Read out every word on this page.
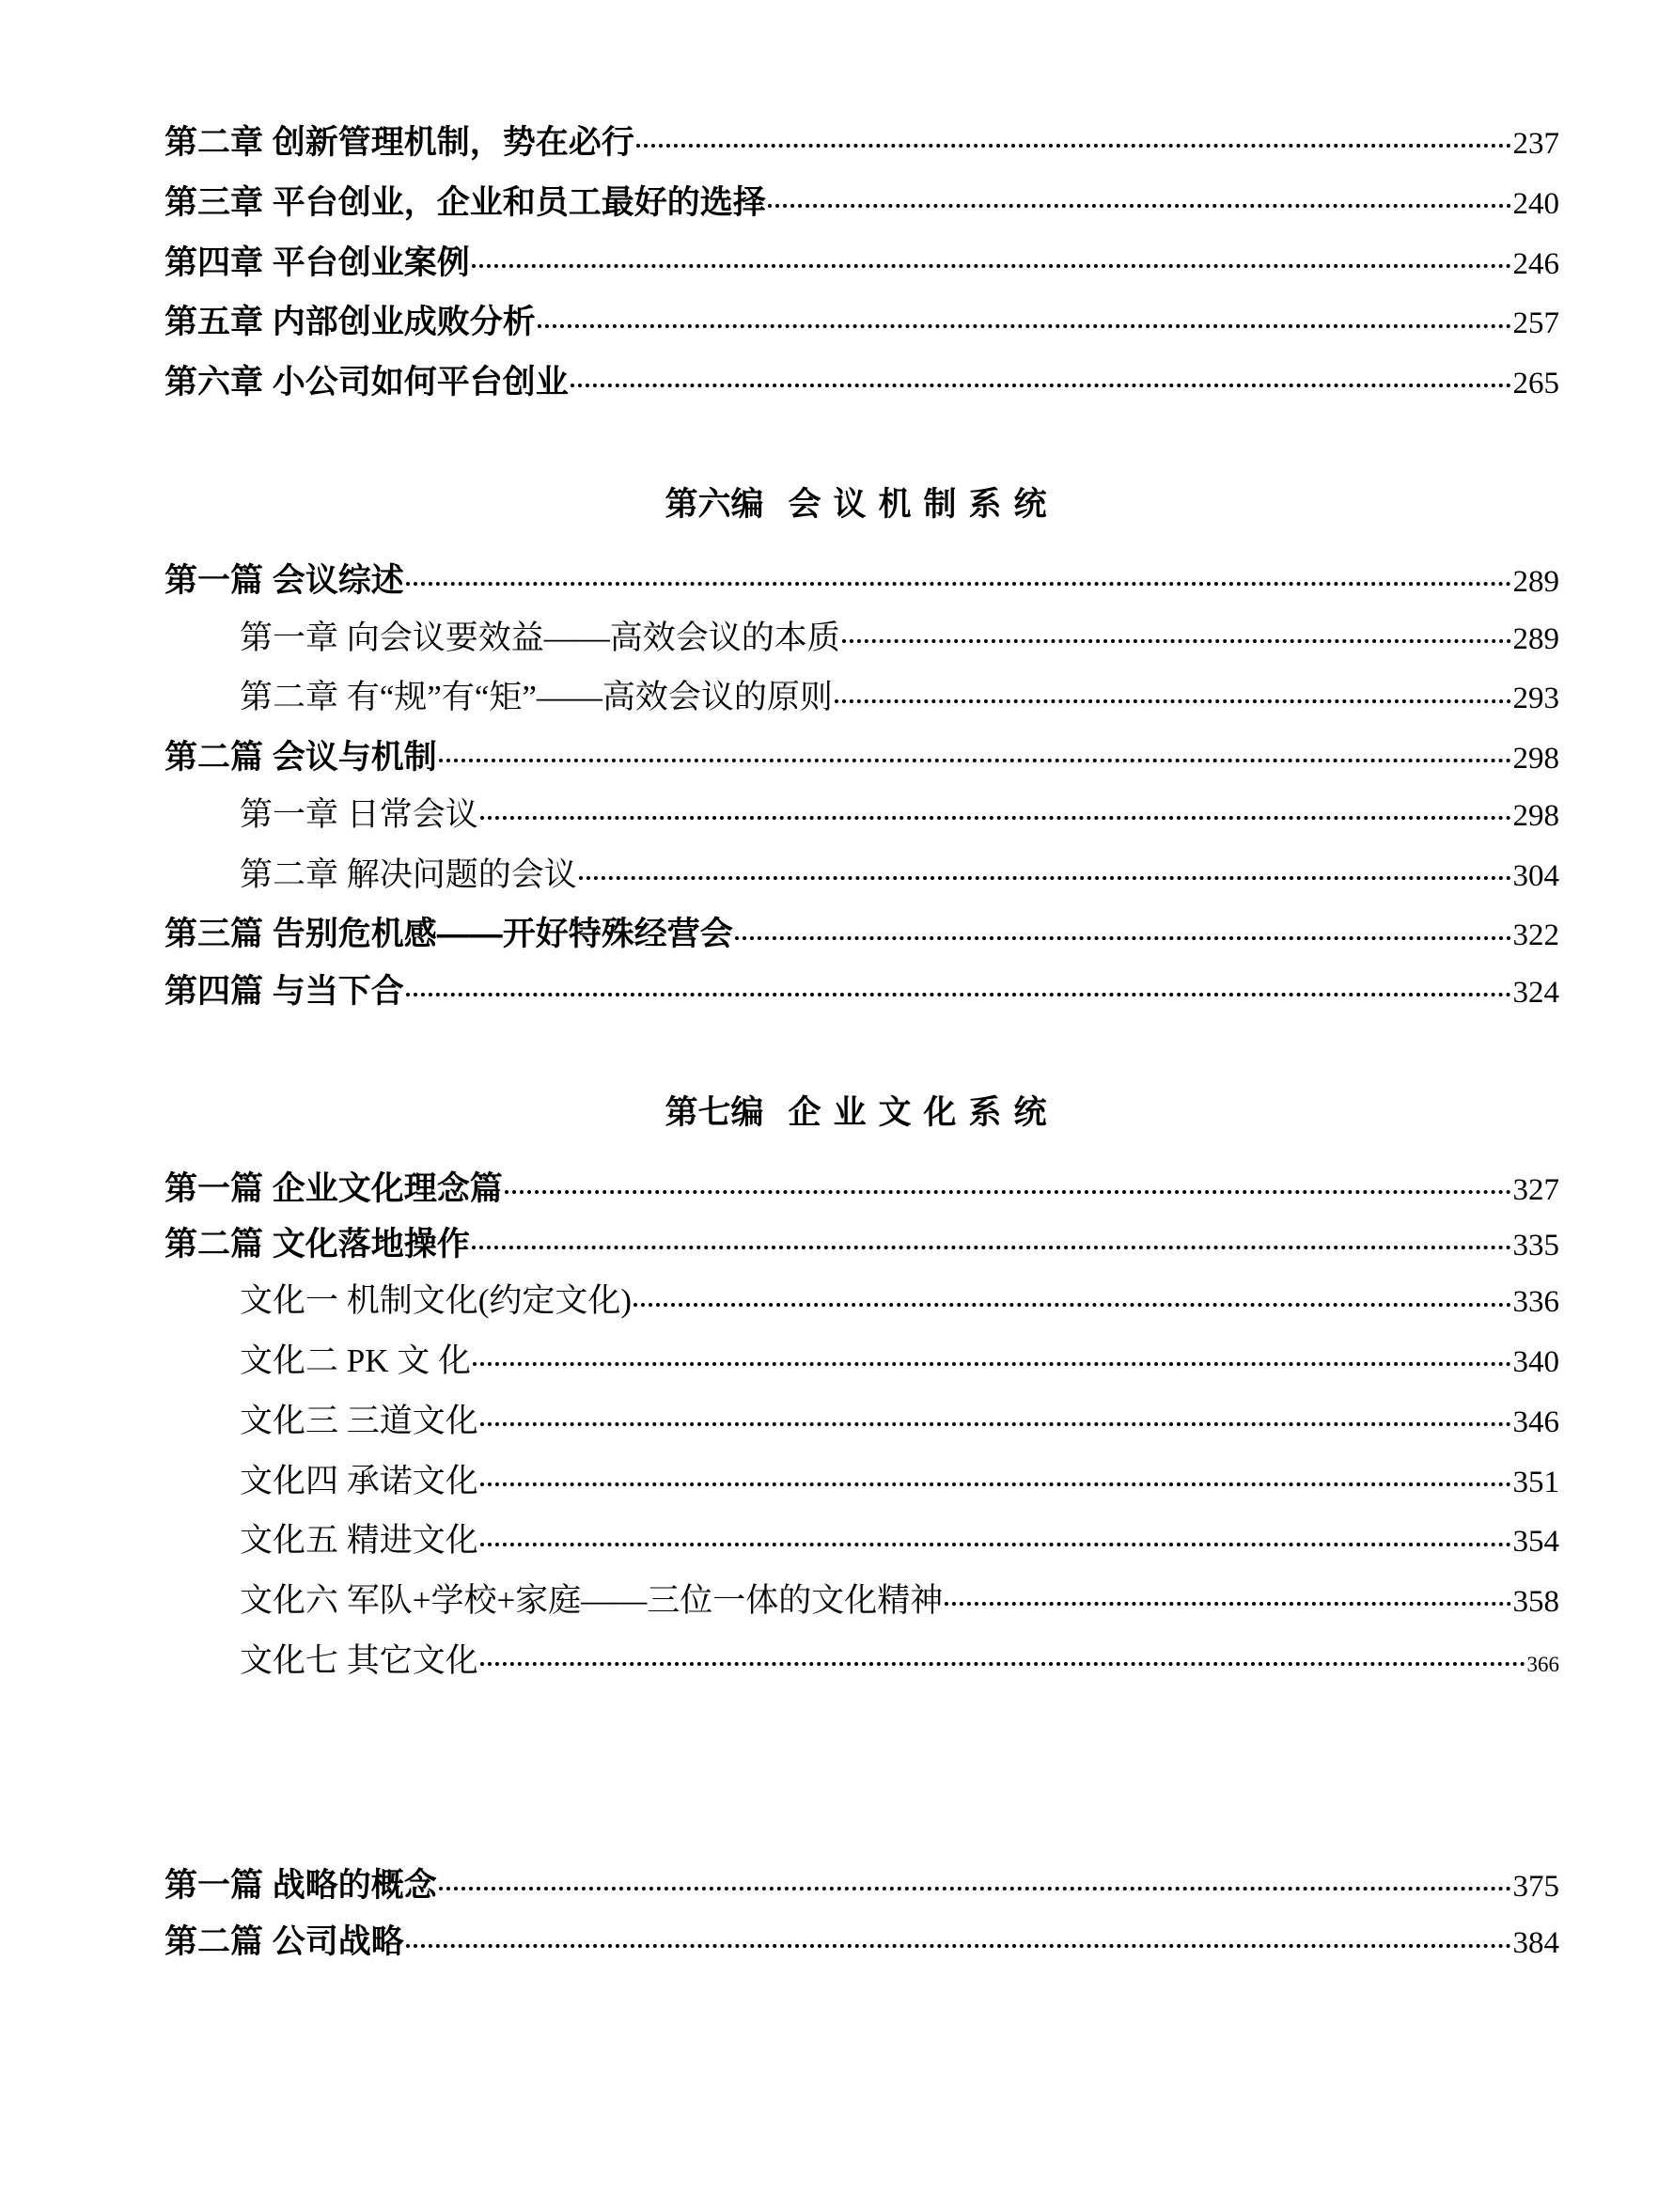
第二章 创新管理机制，势在必行	237
第三章 平台创业，企业和员工最好的选择	240
第四章 平台创业案例	246
第五章 内部创业成败分析	257
第六章 小公司如何平台创业	265
第六编 会议机制系统
第一篇 会议综述	289
第一章 向会议要效益——高效会议的本质	289
第二章 有“规”有“矩”——高效会议的原则	293
第二篇 会议与机制	298
第一章 日常会议	298
第二章 解决问题的会议	304
第三篇 告别危机感——开好特殊经营会	322
第四篇 与当下合	324
第七编 企业文化系统
第一篇 企业文化理念篇	327
第二篇 文化落地操作	335
文化一 机制文化(约定文化)	336
文化二 PK 文 化	340
文化三 三道文化	346
文化四 承诺文化	351
文化五 精进文化	354
文化六 军队+学校+家庭——三位一体的文化精神	358
文化七 其它文化	366
第一篇 战略的概念	375
第二篇 公司战略	384
